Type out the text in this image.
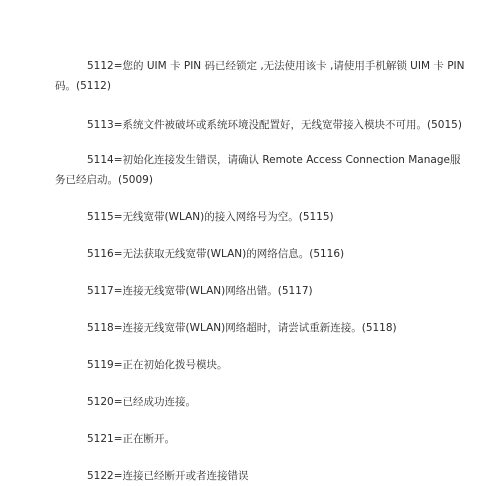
5112=您的 UIM 卡 PIN 码已经锁定 ,无法使用该卡 ,请使用手机解锁 UIM 卡 PIN 码。(5112)

5113=系统文件被破坏或系统环境没配置好，无线宽带接入模块不可用。(5015)

5114=初始化连接发生错误，请确认 Remote Access Connection Manage服务已经启动。(5009)

5115=无线宽带(WLAN)的接入网络号为空。(5115)

5116=无法获取无线宽带(WLAN)的网络信息。(5116)

5117=连接无线宽带(WLAN)网络出错。(5117)

5118=连接无线宽带(WLAN)网络超时，请尝试重新连接。(5118)

5119=正在初始化拨号模块。

5120=已经成功连接。

5121=正在断开。

5122=连接已经断开或者连接错误
